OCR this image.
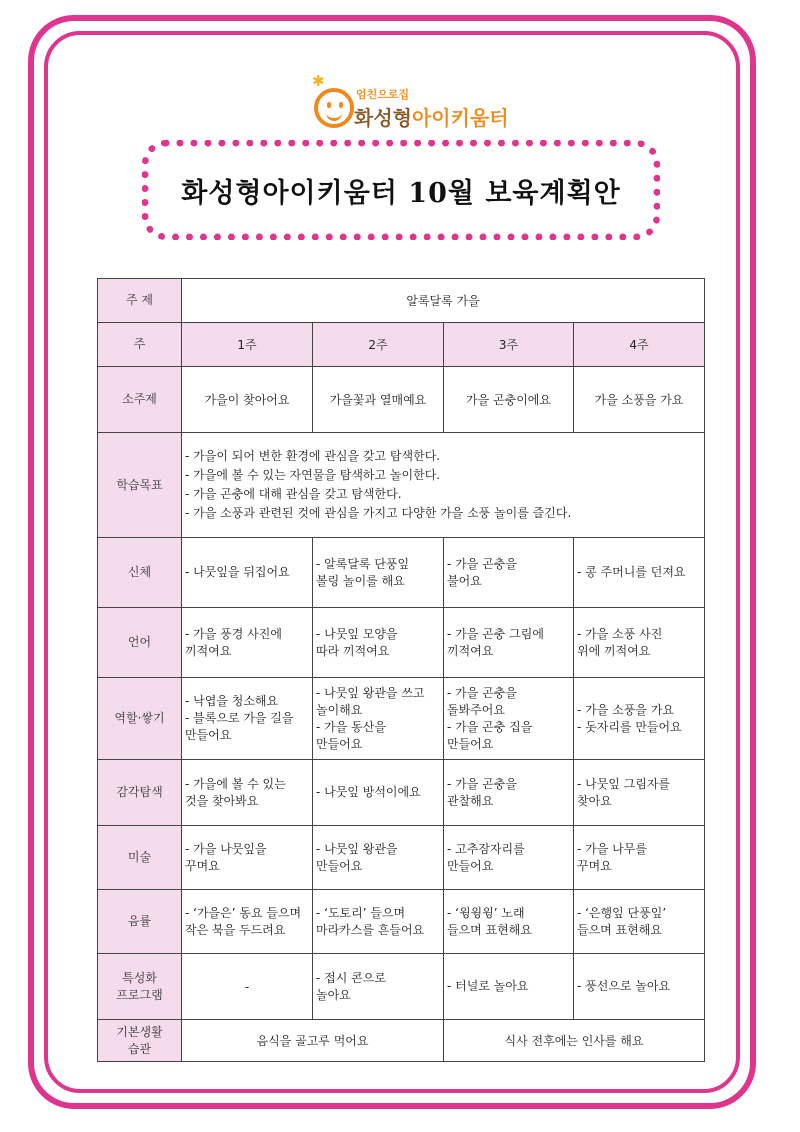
✱
엄친으로집
화성형아이키움터
화성형아이키움터 10월 보육계획안
주 제	알록달록 가을			
주	1주	2주	3주	4주
소주제	가을이 찾아어요	가을꽃과 열매예요	가을 곤충이에요	가을 소풍을 가요
학습목표	- 가을이 되어 변한 환경에 관심을 갖고 탐색한다.
- 가을에 볼 수 있는 자연물을 탐색하고 놀이한다.
- 가을 곤충에 대해 관심을 갖고 탐색한다.
- 가을 소풍과 관련된 것에 관심을 가지고 다양한 가을 소풍 놀이를 즐긴다.			

신체	- 나뭇잎을 뒤집어요	- 알록달록 단풍잎
볼링 놀이를 해요	- 가을 곤충을
불어요	- 콩 주머니를 던져요

언어	- 가을 풍경 사진에
끼적여요	- 나뭇잎 모양을
따라 끼적여요	- 가을 곤충 그림에
끼적여요	- 가을 소풍 사진
위에 끼적여요

역할·쌓기	- 낙엽을 청소해요
- 블록으로 가을 길을
만들어요	- 나뭇잎 왕관을 쓰고
놀이해요
- 가을 동산을
만들어요	- 가을 곤충을
돌봐주어요
- 가을 곤충 집을
만들어요	- 가을 소풍을 가요
- 돗자리를 만들어요

감각탐색	- 가을에 볼 수 있는
것을 찾아봐요	- 나뭇잎 방석이에요	- 가을 곤충을
관찰해요	- 나뭇잎 그림자를
찾아요

미술	- 가을 나뭇잎을
꾸며요	- 나뭇잎 왕관을
만들어요	- 고추잠자리를
만들어요	- 가을 나무를
꾸며요

음률	- ‘가을은’ 동요 들으며
작은 북을 두드려요	- ‘도토리’ 들으며
마라카스를 흔들어요	- ‘윙윙윙’ 노래
들으며 표현해요	- ‘은행잎 단풍잎’
들으며 표현해요

특성화
프로그램	-	- 접시 콘으로
놀아요	- 터널로 놀아요	- 풍선으로 놀아요

기본생활
습관	음식을 골고루 먹어요		식사 전후에는 인사를 해요	
